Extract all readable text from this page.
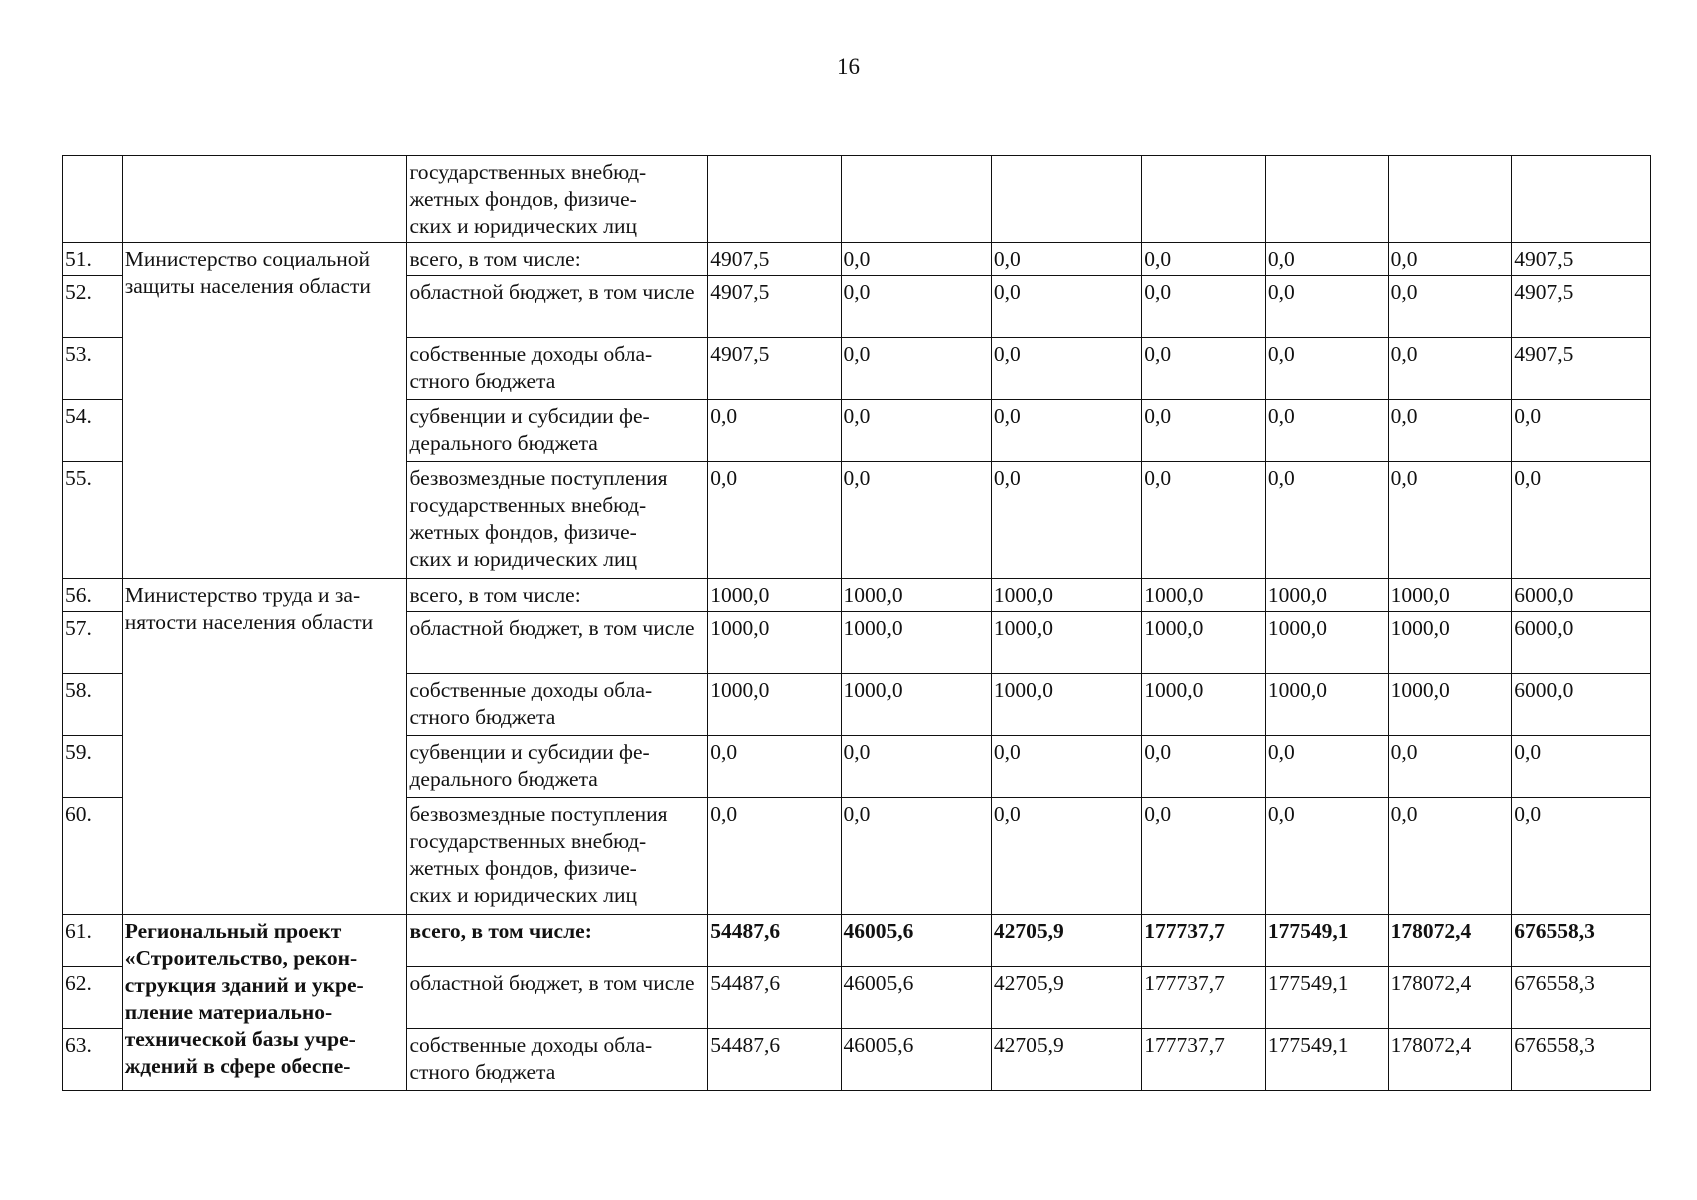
16
		государственных внебюд-
жетных фондов, физиче-
ских и юридических лиц							
51.	Министерство социальной защиты населения области	всего, в том числе:	4907,5	0,0	0,0	0,0	0,0	0,0	4907,5
52.		областной бюджет, в том числе	4907,5	0,0	0,0	0,0	0,0	0,0	4907,5
53.		собственные доходы обла-
стного бюджета	4907,5	0,0	0,0	0,0	0,0	0,0	4907,5
54.		субвенции и субсидии фе-
дерального бюджета	0,0	0,0	0,0	0,0	0,0	0,0	0,0
55.		безвозмездные поступления государственных внебюд-
жетных фондов, физиче-
ских и юридических лиц	0,0	0,0	0,0	0,0	0,0	0,0	0,0
56.	Министерство труда и за-
нятости населения области	всего, в том числе:	1000,0	1000,0	1000,0	1000,0	1000,0	1000,0	6000,0
57.		областной бюджет, в том числе	1000,0	1000,0	1000,0	1000,0	1000,0	1000,0	6000,0
58.		собственные доходы обла-
стного бюджета	1000,0	1000,0	1000,0	1000,0	1000,0	1000,0	6000,0
59.		субвенции и субсидии фе-
дерального бюджета	0,0	0,0	0,0	0,0	0,0	0,0	0,0
60.		безвозмездные поступления государственных внебюд-
жетных фондов, физиче-
ских и юридических лиц	0,0	0,0	0,0	0,0	0,0	0,0	0,0
61.	Региональный проект «Строительство, рекон-
струкция зданий и укре-
пление материально-
технической базы учре-
ждений в сфере обеспе-	всего, в том числе:	54487,6	46005,6	42705,9	177737,7	177549,1	178072,4	676558,3
62.		областной бюджет, в том числе	54487,6	46005,6	42705,9	177737,7	177549,1	178072,4	676558,3
63.		собственные доходы обла-
стного бюджета	54487,6	46005,6	42705,9	177737,7	177549,1	178072,4	676558,3
